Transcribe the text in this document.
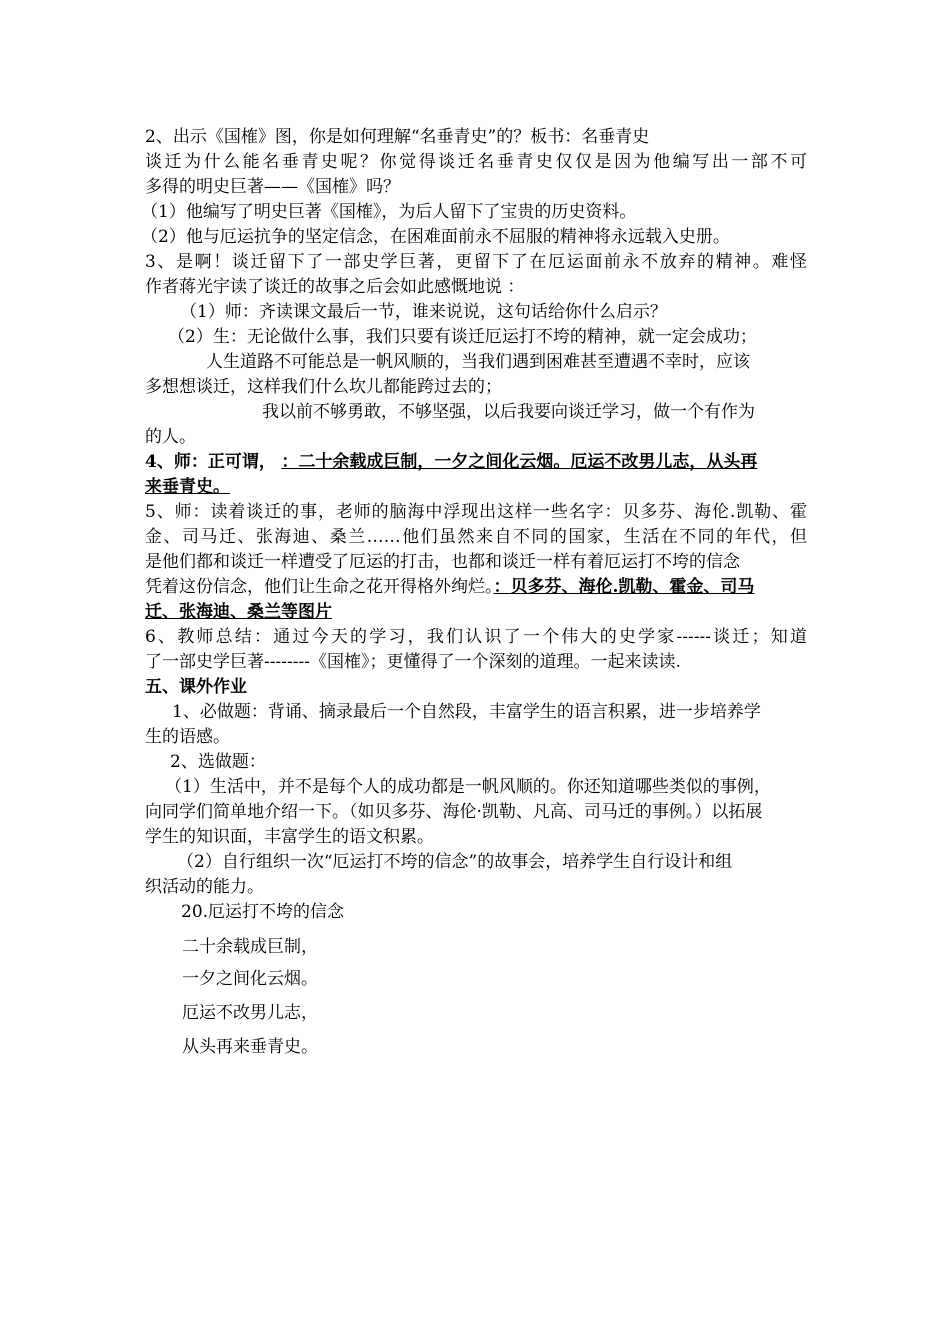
2、出示《国榷》图，你是如何理解“名垂青史”的？板书：名垂青史
谈迁为什么能名垂青史呢？你觉得谈迁名垂青史仅仅是因为他编写出一部不可
多得的明史巨著——《国榷》吗？
（1）他编写了明史巨著《国榷》，为后人留下了宝贵的历史资料。
（2）他与厄运抗争的坚定信念，在困难面前永不屈服的精神将永远载入史册。
3、是啊！谈迁留下了一部史学巨著，更留下了在厄运面前永不放弃的精神。难怪
作者蒋光宇读了谈迁的故事之后会如此感慨地说 ：
（1）师：齐读课文最后一节，谁来说说，这句话给你什么启示？
（2）生：无论做什么事，我们只要有谈迁厄运打不垮的精神，就一定会成功；
人生道路不可能总是一帆风顺的，当我们遇到困难甚至遭遇不幸时，应该
多想想谈迁，这样我们什么坎儿都能跨过去的；
我以前不够勇敢，不够坚强，以后我要向谈迁学习，做一个有作为
的人。
4、师：正可谓， ：二十余载成巨制，一夕之间化云烟。厄运不改男儿志，从头再
来垂青史。
5、师：读着谈迁的事，老师的脑海中浮现出这样一些名字：贝多芬、海伦.凯勒、霍
金、司马迁、张海迪、桑兰……他们虽然来自不同的国家，生活在不同的年代，但
是他们都和谈迁一样遭受了厄运的打击，也都和谈迁一样有着厄运打不垮的信念
凭着这份信念，他们让生命之花开得格外绚烂。：贝多芬、海伦.凯勒、霍金、司马
迁、张海迪、桑兰等图片
6、教师总结：通过今天的学习，我们认识了一个伟大的史学家------谈迁；知道
了一部史学巨著--------《国榷》；更懂得了一个深刻的道理。一起来读读.
五、课外作业
1、必做题：背诵、摘录最后一个自然段，丰富学生的语言积累，进一步培养学
生的语感。
2、选做题：
（1）生活中，并不是每个人的成功都是一帆风顺的。你还知道哪些类似的事例，
向同学们简单地介绍一下。（如贝多芬、海伦·凯勒、凡高、司马迁的事例。）以拓展
学生的知识面，丰富学生的语文积累。
（2）自行组织一次“厄运打不垮的信念”的故事会，培养学生自行设计和组
织活动的能力。
20.厄运打不垮的信念
二十余载成巨制，
一夕之间化云烟。
厄运不改男儿志，
从头再来垂青史。
